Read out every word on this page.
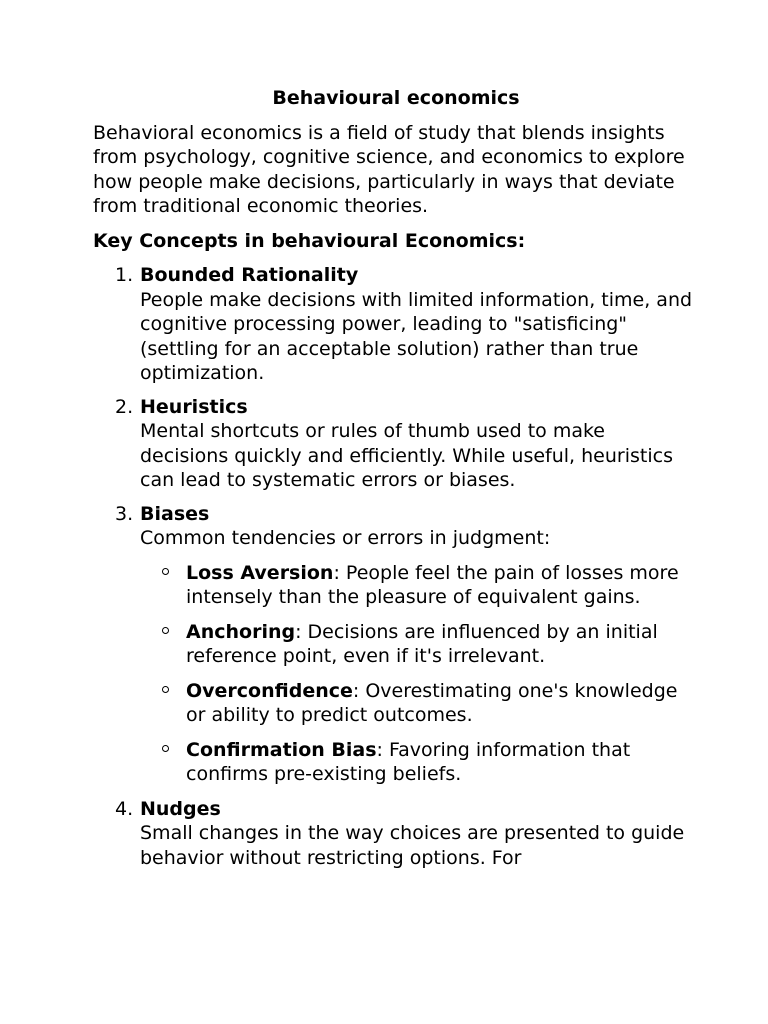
Behavioural economics
Behavioral economics is a field of study that blends insights from psychology, cognitive science, and economics to explore how people make decisions, particularly in ways that deviate from traditional economic theories.
Key Concepts in behavioural Economics:
1. Bounded Rationality
People make decisions with limited information, time, and cognitive processing power, leading to "satisficing" (settling for an acceptable solution) rather than true optimization.
2. Heuristics
Mental shortcuts or rules of thumb used to make decisions quickly and efficiently. While useful, heuristics can lead to systematic errors or biases.
3. Biases
Common tendencies or errors in judgment:
Loss Aversion: People feel the pain of losses more intensely than the pleasure of equivalent gains.
Anchoring: Decisions are influenced by an initial reference point, even if it's irrelevant.
Overconfidence: Overestimating one's knowledge or ability to predict outcomes.
Confirmation Bias: Favoring information that confirms pre-existing beliefs.
4. Nudges
Small changes in the way choices are presented to guide behavior without restricting options. For
